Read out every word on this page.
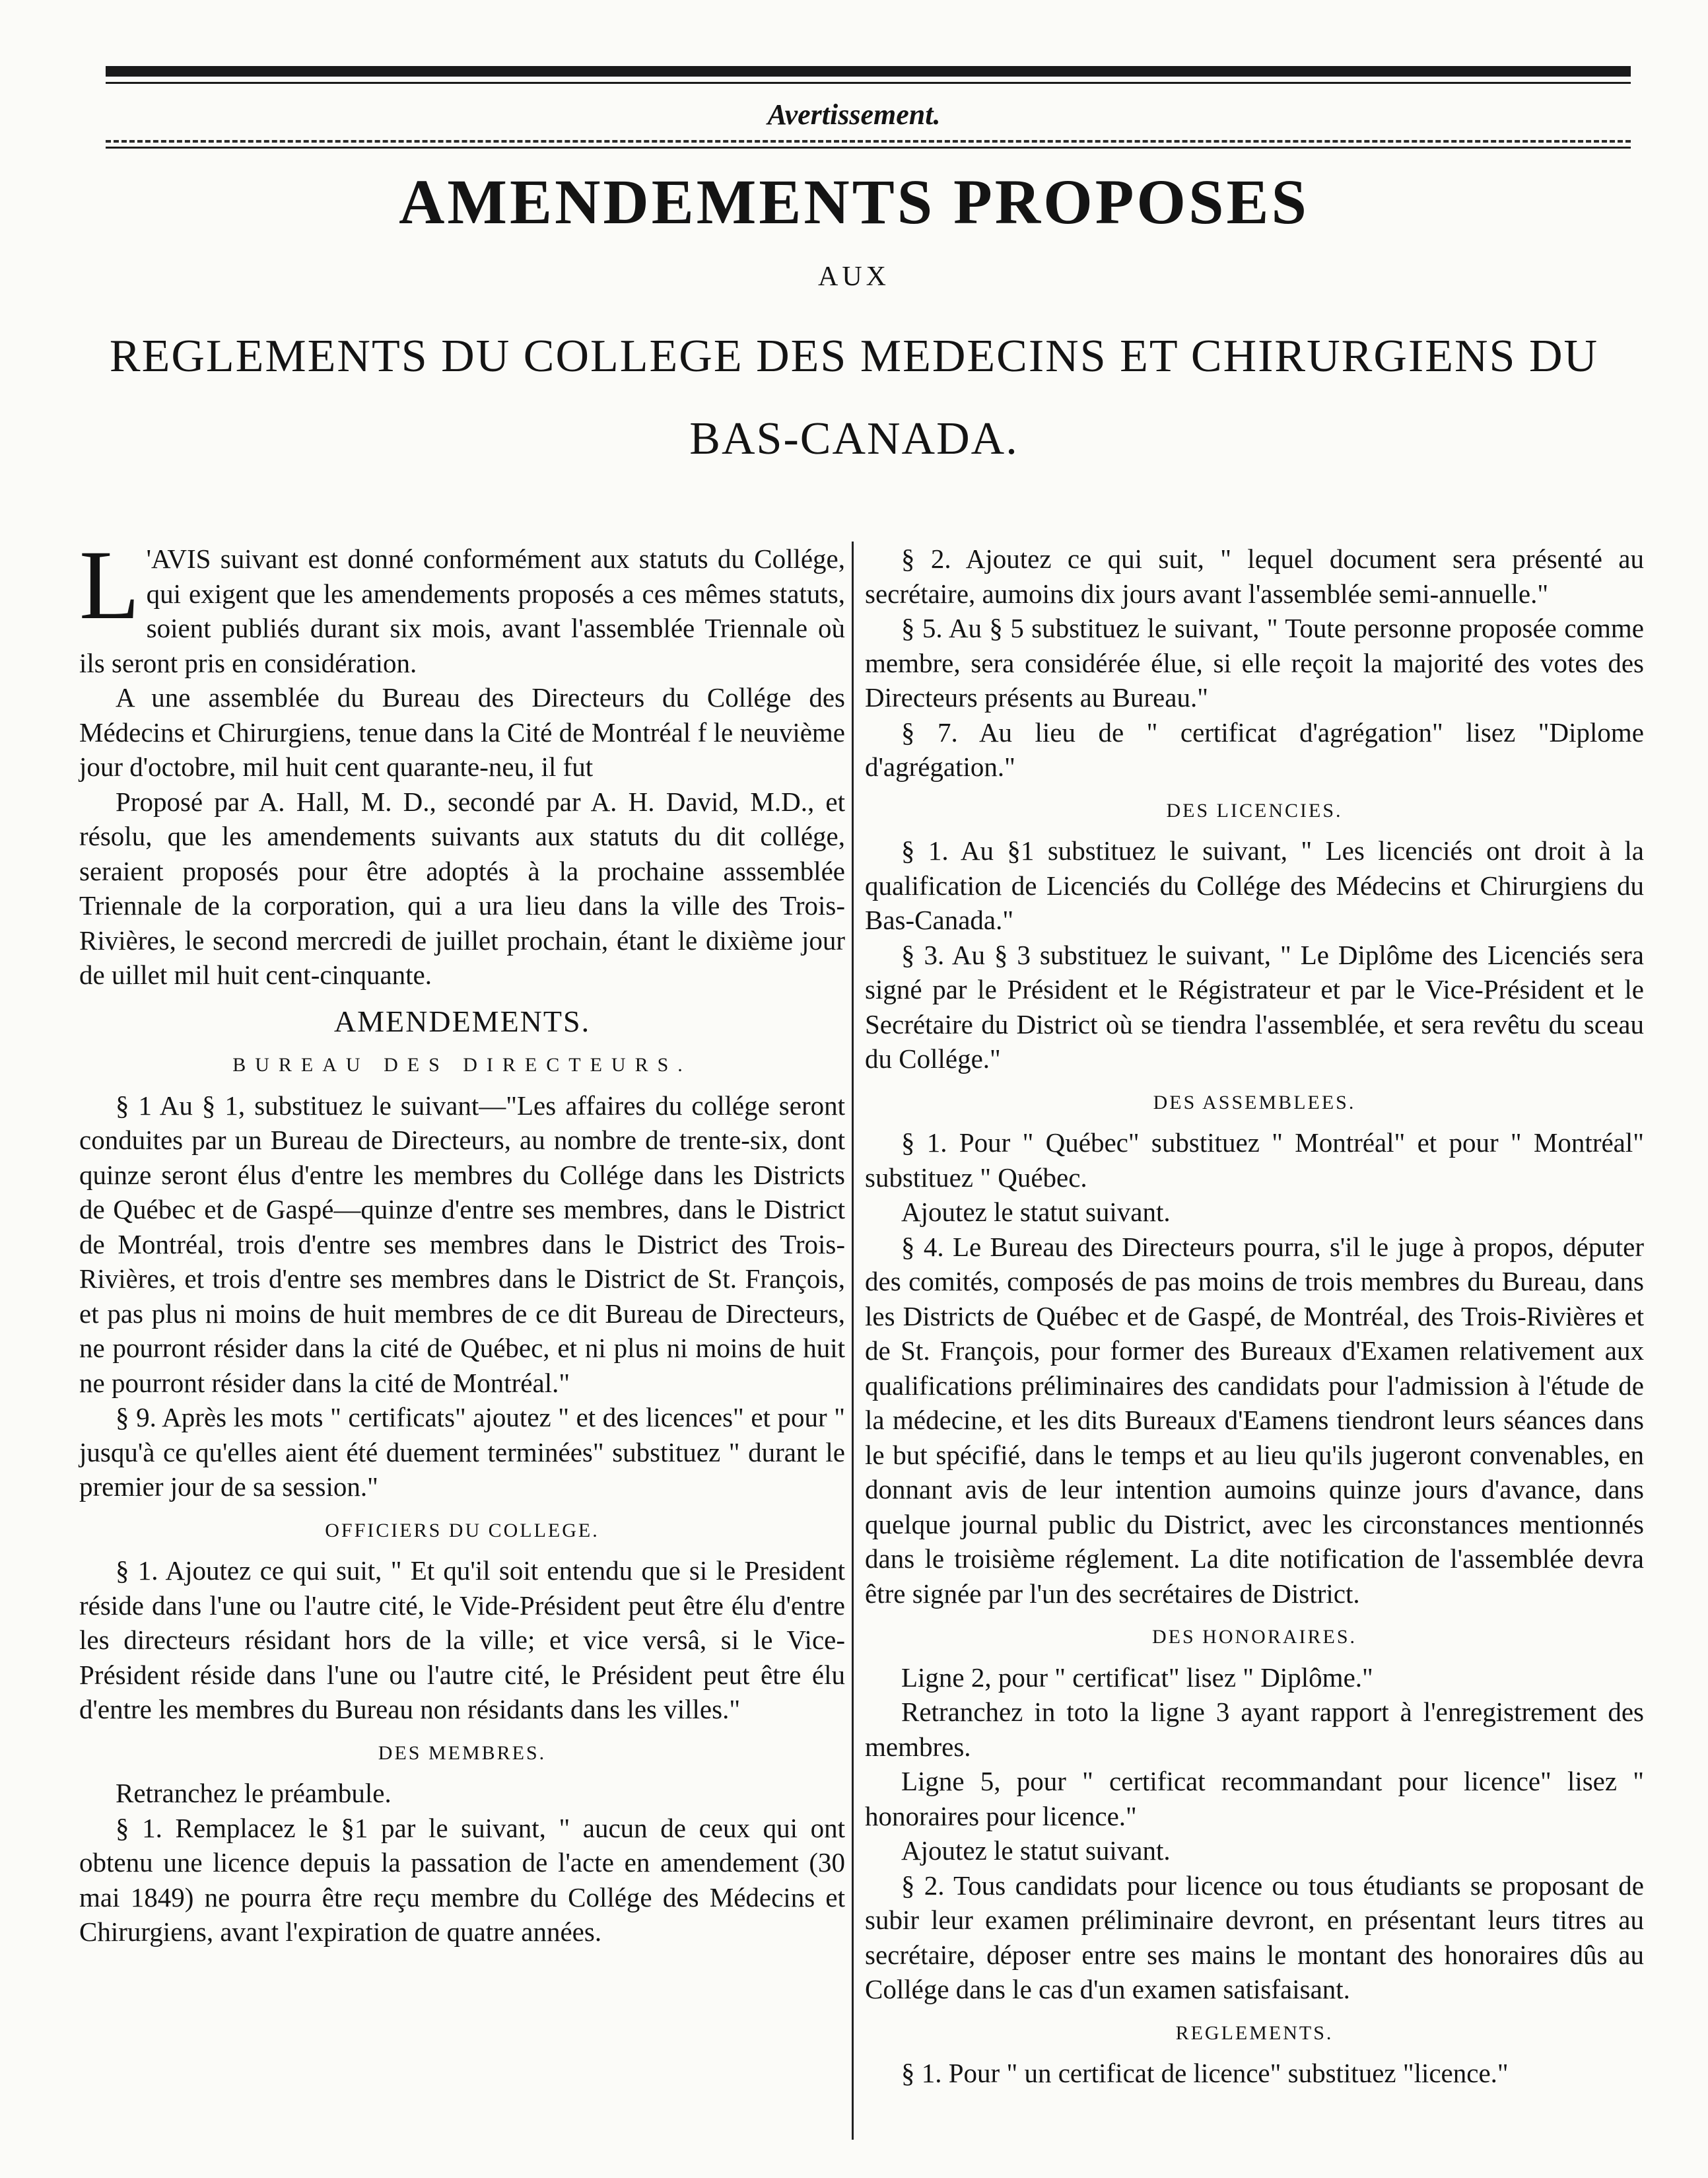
Avertissement.
AMENDEMENTS PROPOSES
AUX
REGLEMENTS DU COLLEGE DES MEDECINS ET CHIRURGIENS DU
BAS-CANADA.

L 'AVIS suivant est donné conformément aux statuts du Collége, qui exigent que les amendements proposés a ces mêmes statuts, soient publiés durant six mois, avant l'assemblée Triennale où ils seront pris en considération.

A une assemblée du Bureau des Directeurs du Collége des Médecins et Chirurgiens, tenue dans la Cité de Montréal f le neuvième jour d'octobre, mil huit cent quarante-neu, il fut

Proposé par A. Hall, M. D., secondé par A. H. David, M.D., et résolu, que les amendements suivants aux statuts du dit collége, seraient proposés pour être adoptés à la prochaine asssemblée Triennale de la corporation, qui a ura lieu dans la ville des Trois-Rivières, le second mercredi de juillet prochain, étant le dixième jour de uillet mil huit cent-cinquante.

AMENDEMENTS.
BUREAU DES DIRECTEURS.

§ 1 Au § 1, substituez le suivant—"Les affaires du collége seront conduites par un Bureau de Directeurs, au nombre de trente-six, dont quinze seront élus d'entre les membres du Collége dans les Districts de Québec et de Gaspé—quinze d'entre ses membres, dans le District de Montréal, trois d'entre ses membres dans le District des Trois-Rivières, et trois d'entre ses membres dans le District de St. François, et pas plus ni moins de huit membres de ce dit Bureau de Directeurs, ne pourront résider dans la cité de Québec, et ni plus ni moins de huit ne pourront résider dans la cité de Montréal."

§ 9. Après les mots " certificats" ajoutez " et des licences" et pour " jusqu'à ce qu'elles aient été duement terminées" substituez " durant le premier jour de sa session."

OFFICIERS DU COLLEGE.

§ 1. Ajoutez ce qui suit, " Et qu'il soit entendu que si le President réside dans l'une ou l'autre cité, le Vide-Président peut être élu d'entre les directeurs résidant hors de la ville; et vice versâ, si le Vice-Président réside dans l'une ou l'autre cité, le Président peut être élu d'entre les membres du Bureau non résidants dans les villes."

DES MEMBRES.

Retranchez le préambule.

§ 1. Remplacez le §1 par le suivant, " aucun de ceux qui ont obtenu une licence depuis la passation de l'acte en amendement (30 mai 1849) ne pourra être reçu membre du Collége des Médecins et Chirurgiens, avant l'expiration de quatre années.

§ 2. Ajoutez ce qui suit, " lequel document sera présenté au secrétaire, aumoins dix jours avant l'assemblée semi-annuelle."

§ 5. Au § 5 substituez le suivant, " Toute personne proposée comme membre, sera considérée élue, si elle reçoit la majorité des votes des Directeurs présents au Bureau."

§ 7. Au lieu de " certificat d'agrégation" lisez "Diplome d'agrégation."

DES LICENCIES.

§ 1. Au §1 substituez le suivant, " Les licenciés ont droit à la qualification de Licenciés du Collége des Médecins et Chirurgiens du Bas-Canada."

§ 3. Au § 3 substituez le suivant, " Le Diplôme des Licenciés sera signé par le Président et le Régistrateur et par le Vice-Président et le Secrétaire du District où se tiendra l'assemblée, et sera revêtu du sceau du Collége."

DES ASSEMBLEES.

§ 1. Pour " Québec" substituez " Montréal" et pour " Montréal" substituez " Québec.

Ajoutez le statut suivant.

§ 4. Le Bureau des Directeurs pourra, s'il le juge à propos, députer des comités, composés de pas moins de trois membres du Bureau, dans les Districts de Québec et de Gaspé, de Montréal, des Trois-Rivières et de St. François, pour former des Bureaux d'Examen relativement aux qualifications préliminaires des candidats pour l'admission à l'étude de la médecine, et les dits Bureaux d'Eamens tiendront leurs séances dans le but spécifié, dans le temps et au lieu qu'ils jugeront convenables, en donnant avis de leur intention aumoins quinze jours d'avance, dans quelque journal public du District, avec les circonstances mentionnés dans le troisième réglement. La dite notification de l'assemblée devra être signée par l'un des secrétaires de District.

DES HONORAIRES.

Ligne 2, pour " certificat" lisez " Diplôme."

Retranchez in toto la ligne 3 ayant rapport à l'enregistrement des membres.

Ligne 5, pour " certificat recommandant pour licence" lisez " honoraires pour licence."

Ajoutez le statut suivant.

§ 2. Tous candidats pour licence ou tous étudiants se proposant de subir leur examen préliminaire devront, en présentant leurs titres au secrétaire, déposer entre ses mains le montant des honoraires dûs au Collége dans le cas d'un examen satisfaisant.

REGLEMENTS.

§ 1. Pour " un certificat de licence" substituez "licence."
